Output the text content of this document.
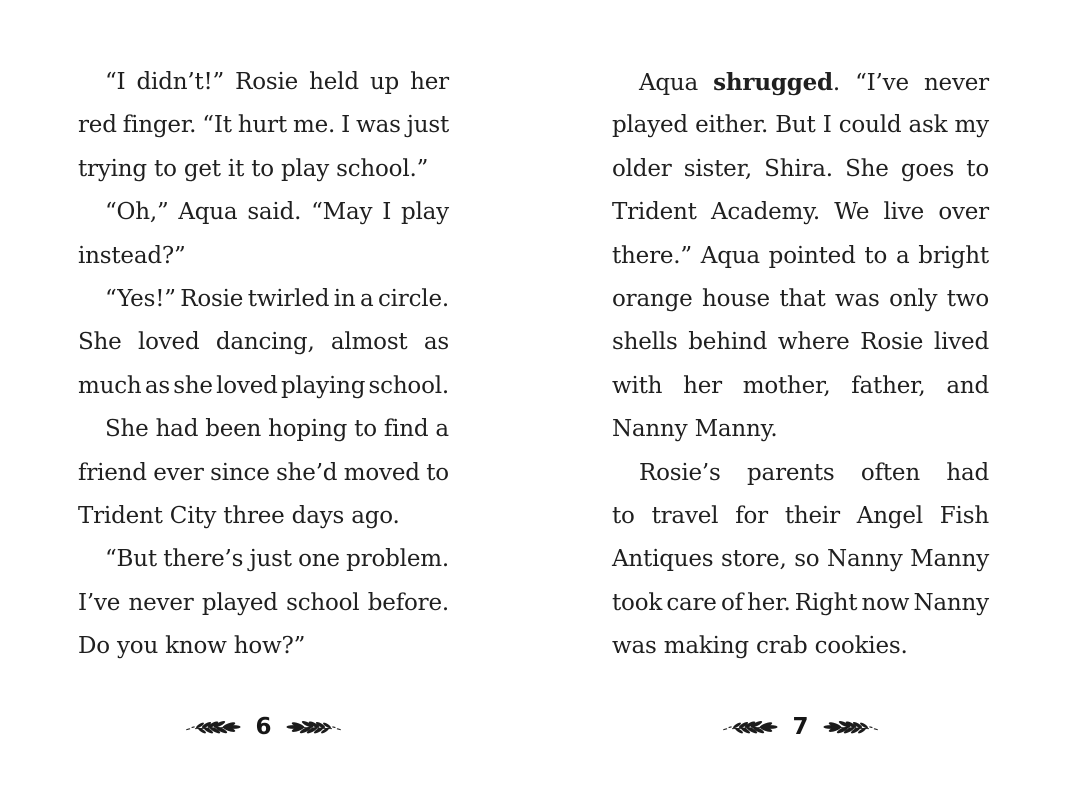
“I didn’t!” Rosie held up her
red finger. “It hurt me. I was just
trying to get it to play school.”
“Oh,” Aqua said. “May I play
instead?”
“Yes!” Rosie twirled in a circle.
She loved dancing, almost as
much as she loved playing school.
She had been hoping to find a
friend ever since she’d moved to
Trident City three days ago.
“But there’s just one problem.
I’ve never played school before.
Do you know how?”
Aqua shrugged. “I’ve never
played either. But I could ask my
older sister, Shira. She goes to
Trident Academy. We live over
there.” Aqua pointed to a bright
orange house that was only two
shells behind where Rosie lived
with her mother, father, and
Nanny Manny.
Rosie’s parents often had
to travel for their Angel Fish
Antiques store, so Nanny Manny
took care of her. Right now Nanny
was making crab cookies.
6	7
